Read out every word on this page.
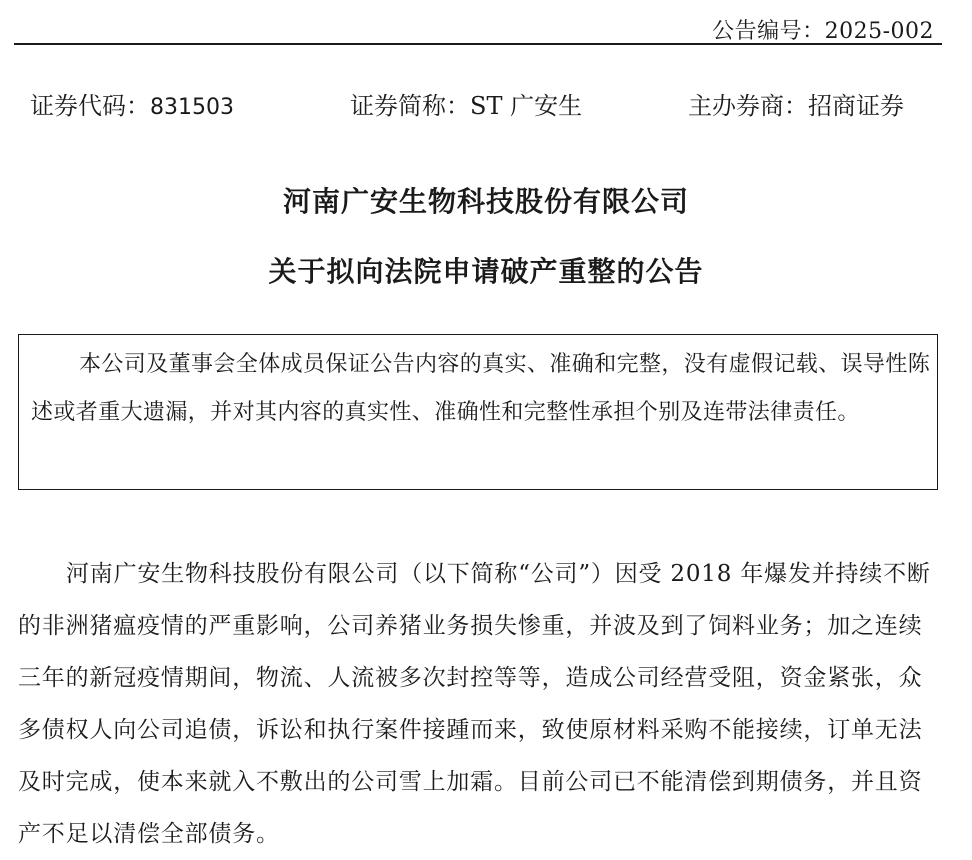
公告编号：2025-002
证券代码：831503	证券简称：ST 广安生	主办券商：招商证券
河南广安生物科技股份有限公司
关于拟向法院申请破产重整的公告

本公司及董事会全体成员保证公告内容的真实、准确和完整，没有虚假记载、误导性陈述或者重大遗漏，并对其内容的真实性、准确性和完整性承担个别及连带法律责任。

河南广安生物科技股份有限公司（以下简称“公司”）因受 2018 年爆发并持续不断的非洲猪瘟疫情的严重影响，公司养猪业务损失惨重，并波及到了饲料业务；加之连续三年的新冠疫情期间，物流、人流被多次封控等等，造成公司经营受阻，资金紧张，众多债权人向公司追债，诉讼和执行案件接踵而来，致使原材料采购不能接续，订单无法及时完成，使本来就入不敷出的公司雪上加霜。目前公司已不能清偿到期债务，并且资产不足以清偿全部债务。
